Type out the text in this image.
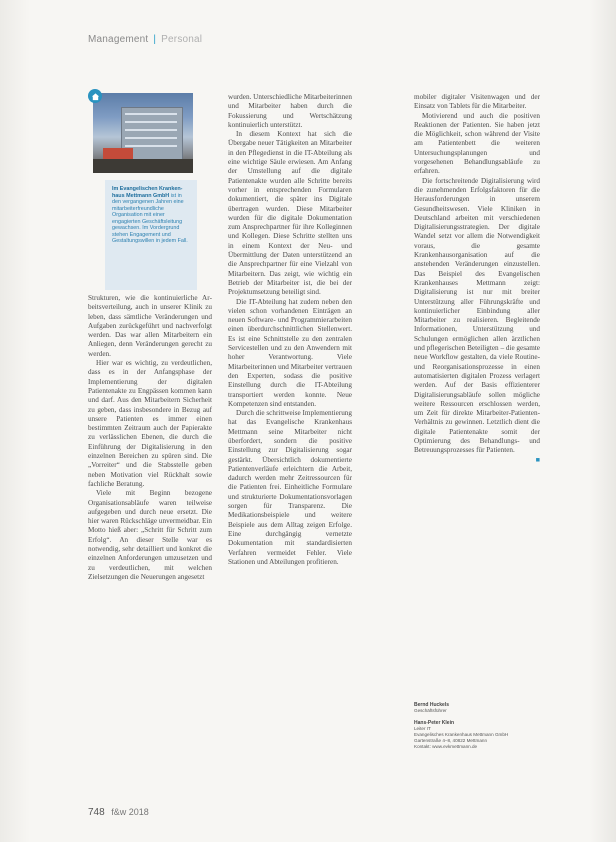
Management | Personal
Im Evangelischen Krankenhaus Mettmann GmbH ist in den vergangenen Jahren eine mitarbeiterfreundliche Organisation mit einer engagierten Geschäftsleitung gewachsen. Im Vordergrund stehen Engagement und Gestaltungswillen in jedem Fall.

Strukturen, wie die kontinuierliche Arbeitsverteilung, auch in unserer Klinik zu leben, dass sämtliche Veränderungen und Aufgaben zurückgeführt und nachverfolgt werden. Das war allen Mitarbeitern ein Anliegen, denn Veränderungen gerecht zu werden.

Hier war es wichtig, zu verdeutlichen, dass es in der Anfangsphase der Implementierung der digitalen Patientenakte zu Engpässen kommen kann und darf. Aus den Mitarbeitern Sicherheit zu geben, dass insbesondere in Bezug auf unsere Patienten es immer einen bestimmten Zeitraum auch der Papierakte zu verlässlichen Ebenen, die durch die Einführung der Digitalisierung in den einzelnen Bereichen zu spüren sind. Die „Vorreiter“ und die Stabsstelle geben neben Motivation viel Rückhalt sowie fachliche Beratung.

Viele mit Beginn bezogene Organisationsabläufe waren teilweise aufgegeben und durch neue ersetzt. Die hier waren Rückschläge unvermeidbar. Ein Motto hieß aber: „Schritt für Schritt zum Erfolg“. An dieser Stelle war es notwendig, sehr detailliert und konkret die einzelnen Anforderungen umzusetzen und zu verdeutlichen, mit welchen Zielsetzungen die Neuerungen angesetzt

wurden. Unterschiedliche Mitarbeiterinnen und Mitarbeiter haben durch die Fokussierung und Wertschätzung kontinuierlich unterstützt.

In diesem Kontext hat sich die Übergabe neuer Tätigkeiten an Mitarbeiter in den Pflegedienst in die IT-Abteilung als eine wichtige Säule erwiesen. Am Anfang der Umstellung auf die digitale Patientenakte wurden alle Schritte bereits vorher in entsprechenden Formularen dokumentiert, die später ins Digitale übertragen wurden. Diese Mitarbeiter wurden für die digitale Dokumentation zum Ansprechpartner für ihre Kolleginnen und Kollegen. Diese Schritte stellten uns in einem Kontext der Neu- und Übermittlung der Daten unterstützend an die Ansprechpartner für eine Vielzahl von Mitarbeitern. Das zeigt, wie wichtig ein Betrieb der Mitarbeiter ist, die bei der Projektumsetzung beteiligt sind.

Die IT-Abteilung hat zudem neben den vielen schon vorhandenen Einträgen an neuen Software- und Programmierarbeiten einen überdurchschnittlichen Stellenwert. Es ist eine Schnittstelle zu den zentralen Servicestellen und zu den Anwendern mit hoher Verantwortung. Viele Mitarbeiterinnen und Mitarbeiter vertrauen den Experten, sodass die positive Einstellung durch die IT-Abteilung transportiert werden konnte. Neue Kompetenzen sind entstanden.

Durch die schrittweise Implementierung hat das Evangelische Krankenhaus Mettmann seine Mitarbeiter nicht überfordert, sondern die positive Einstellung zur Digitalisierung sogar gestärkt. Übersichtlich dokumentierte Patientenverläufe erleichtern die Arbeit, dadurch werden mehr Zeitressourcen für die Patienten frei. Einheitliche Formulare und strukturierte Dokumentationsvorlagen sorgen für Transparenz. Die Medikationsbeispiele und weitere Beispiele aus dem Alltag zeigen Erfolge. Eine durchgängig vernetzte Dokumentation mit standardisierten Verfahren vermeidet Fehler. Viele Stationen und Abteilungen profitieren.

mobiler digitaler Visitenwagen und der Einsatz von Tablets für die Mitarbeiter.

Motivierend und auch die positiven Reaktionen der Patienten. Sie haben jetzt die Möglichkeit, schon während der Visite am Patientenbett die weiteren Untersuchungsplanungen und vorgesehenen Behandlungsabläufe zu erfahren.

Die fortschreitende Digitalisierung wird die zunehmenden Erfolgsfaktoren für die Herausforderungen in unserem Gesundheitswesen. Viele Kliniken in Deutschland arbeiten mit verschiedenen Digitalisierungsstrategien. Der digitale Wandel setzt vor allem die Notwendigkeit voraus, die gesamte Krankenhausorganisation auf die anstehenden Veränderungen einzustellen. Das Beispiel des Evangelischen Krankenhauses Mettmann zeigt: Digitalisierung ist nur mit breiter Unterstützung aller Führungskräfte und kontinuierlicher Einbindung aller Mitarbeiter zu realisieren. Begleitende Informationen, Unterstützung und Schulungen ermöglichen allen ärztlichen und pflegerischen Beteiligten – die gesamte neue Workflow gestalten, da viele Routine- und Reorganisationsprozesse in einen automatisierten digitalen Prozess verlagert werden. Auf der Basis effizienterer Digitalisierungsabläufe sollen mögliche weitere Ressourcen erschlossen werden, um Zeit für direkte Mitarbeiter-Patienten-Verhältnis zu gewinnen. Letztlich dient die digitale Patientenakte somit der Optimierung des Behandlungs- und Betreuungsprozesses für Patienten.

■

Bernd Huckels
Geschäftsführer
Hans-Peter Klein
Leiter IT
Evangelisches Krankenhaus Mettmann GmbH
Gartenstraße 4–8, 40822 Mettmann
Kontakt: www.evkmettmann.de
748 f&w 2018
